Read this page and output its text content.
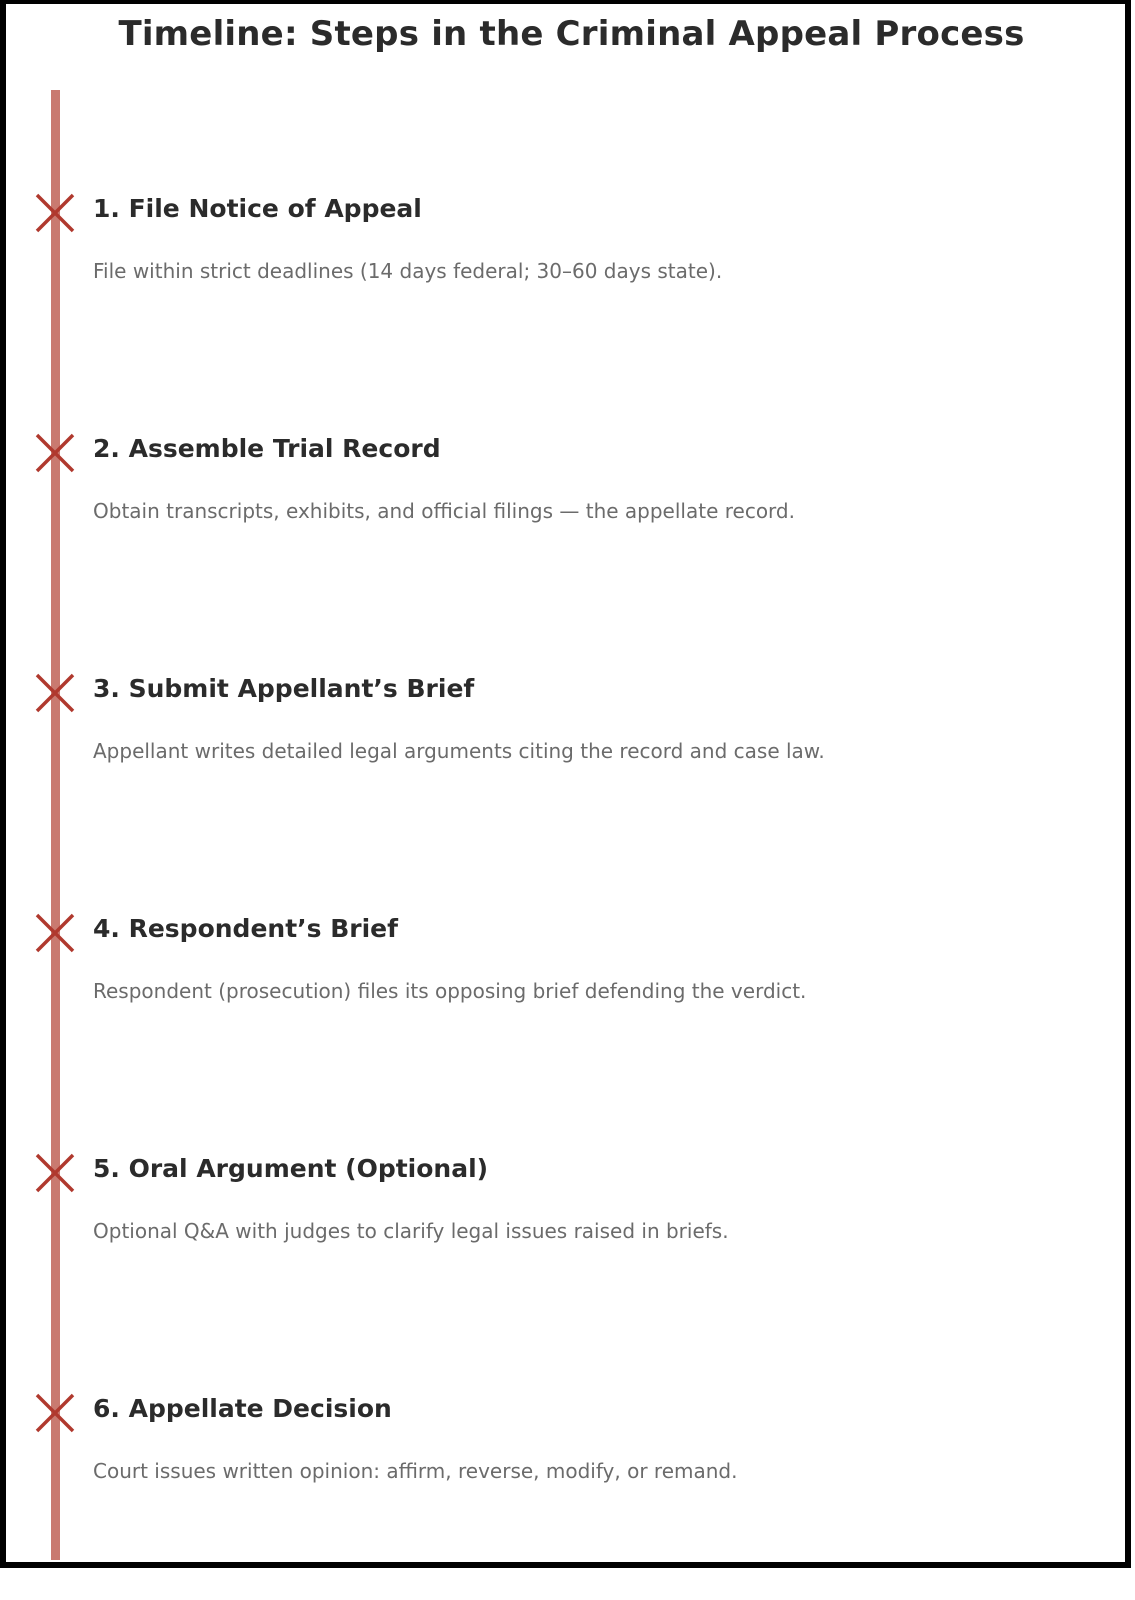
Timeline: Steps in the Criminal Appeal Process
1. File Notice of Appeal

File within strict deadlines (14 days federal; 30–60 days state).

2. Assemble Trial Record

Obtain transcripts, exhibits, and official filings — the appellate record.

3. Submit Appellant’s Brief

Appellant writes detailed legal arguments citing the record and case law.

4. Respondent’s Brief

Respondent (prosecution) files its opposing brief defending the verdict.

5. Oral Argument (Optional)

Optional Q&A with judges to clarify legal issues raised in briefs.

6. Appellate Decision

Court issues written opinion: affirm, reverse, modify, or remand.
